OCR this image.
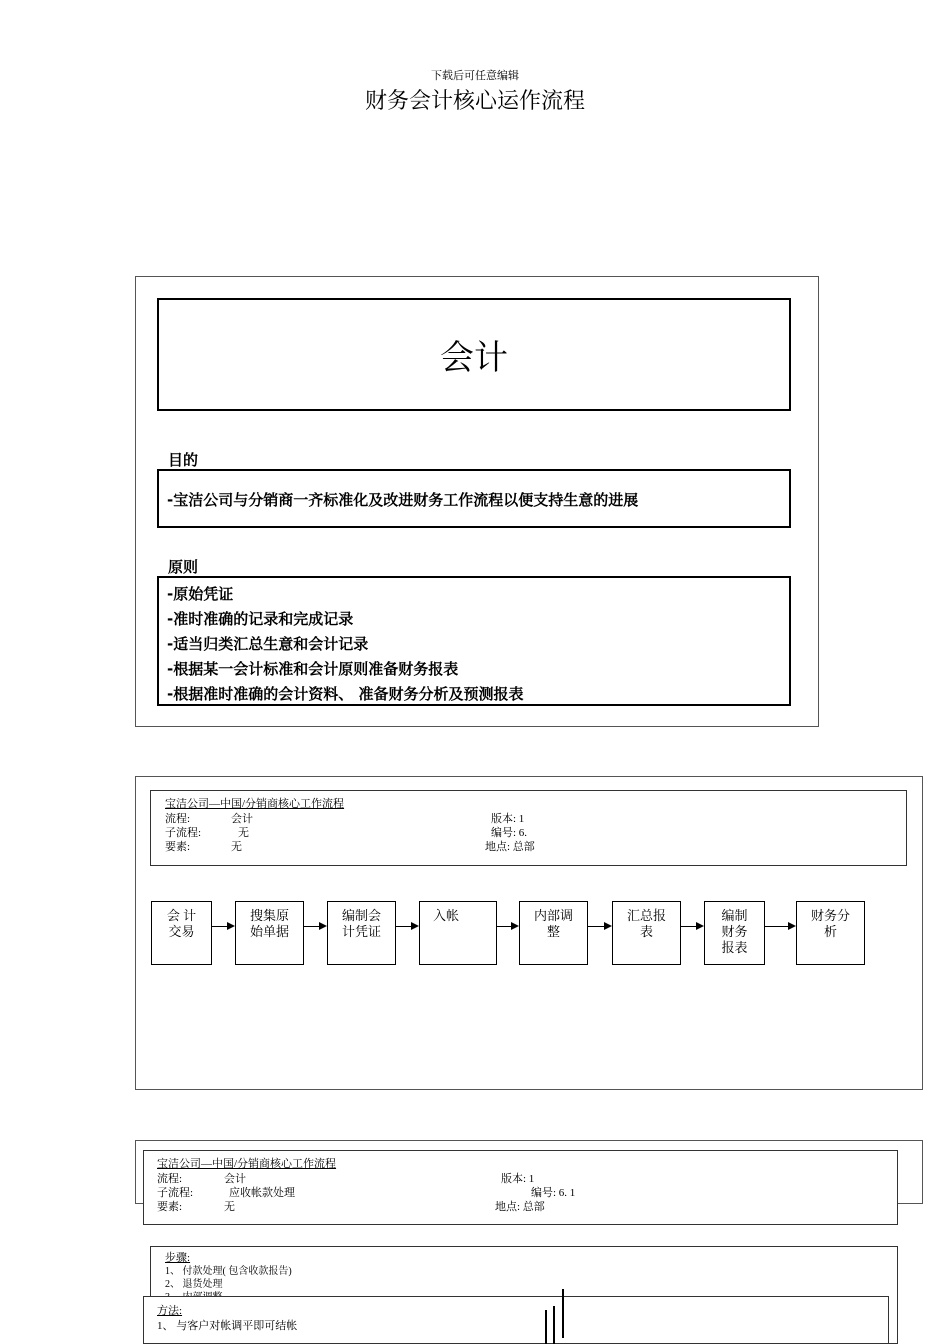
下载后可任意编辑
财务会计核心运作流程
会计
目的
-宝洁公司与分销商一齐标准化及改进财务工作流程以便支持生意的进展
原则
-原始凭证
-准时准确的记录和完成记录
-适当归类汇总生意和会计记录
-根据某一会计标准和会计原则准备财务报表
-根据准时准确的会计资料、 准备财务分析及预测报表
宝洁公司—中国/分销商核心工作流程
流程:	会计	版本: 1
子流程:	无	编号: 6.
要素:	无	地点: 总部
会 计
交易
搜集原
始单据
编制会
计凭证
入帐	内部调
整
汇总报
表
编制
财务
报表
财务分
析
宝洁公司—中国/分销商核心工作流程
流程:	会计	版本: 1
子流程:	应收帐款处理	编号: 6. 1
要素:	无	地点: 总部
步骤:
1、 付款处理( 包含收款报告)
2、 退货处理
方法:
1、 与客户对帐调平即可结帐
